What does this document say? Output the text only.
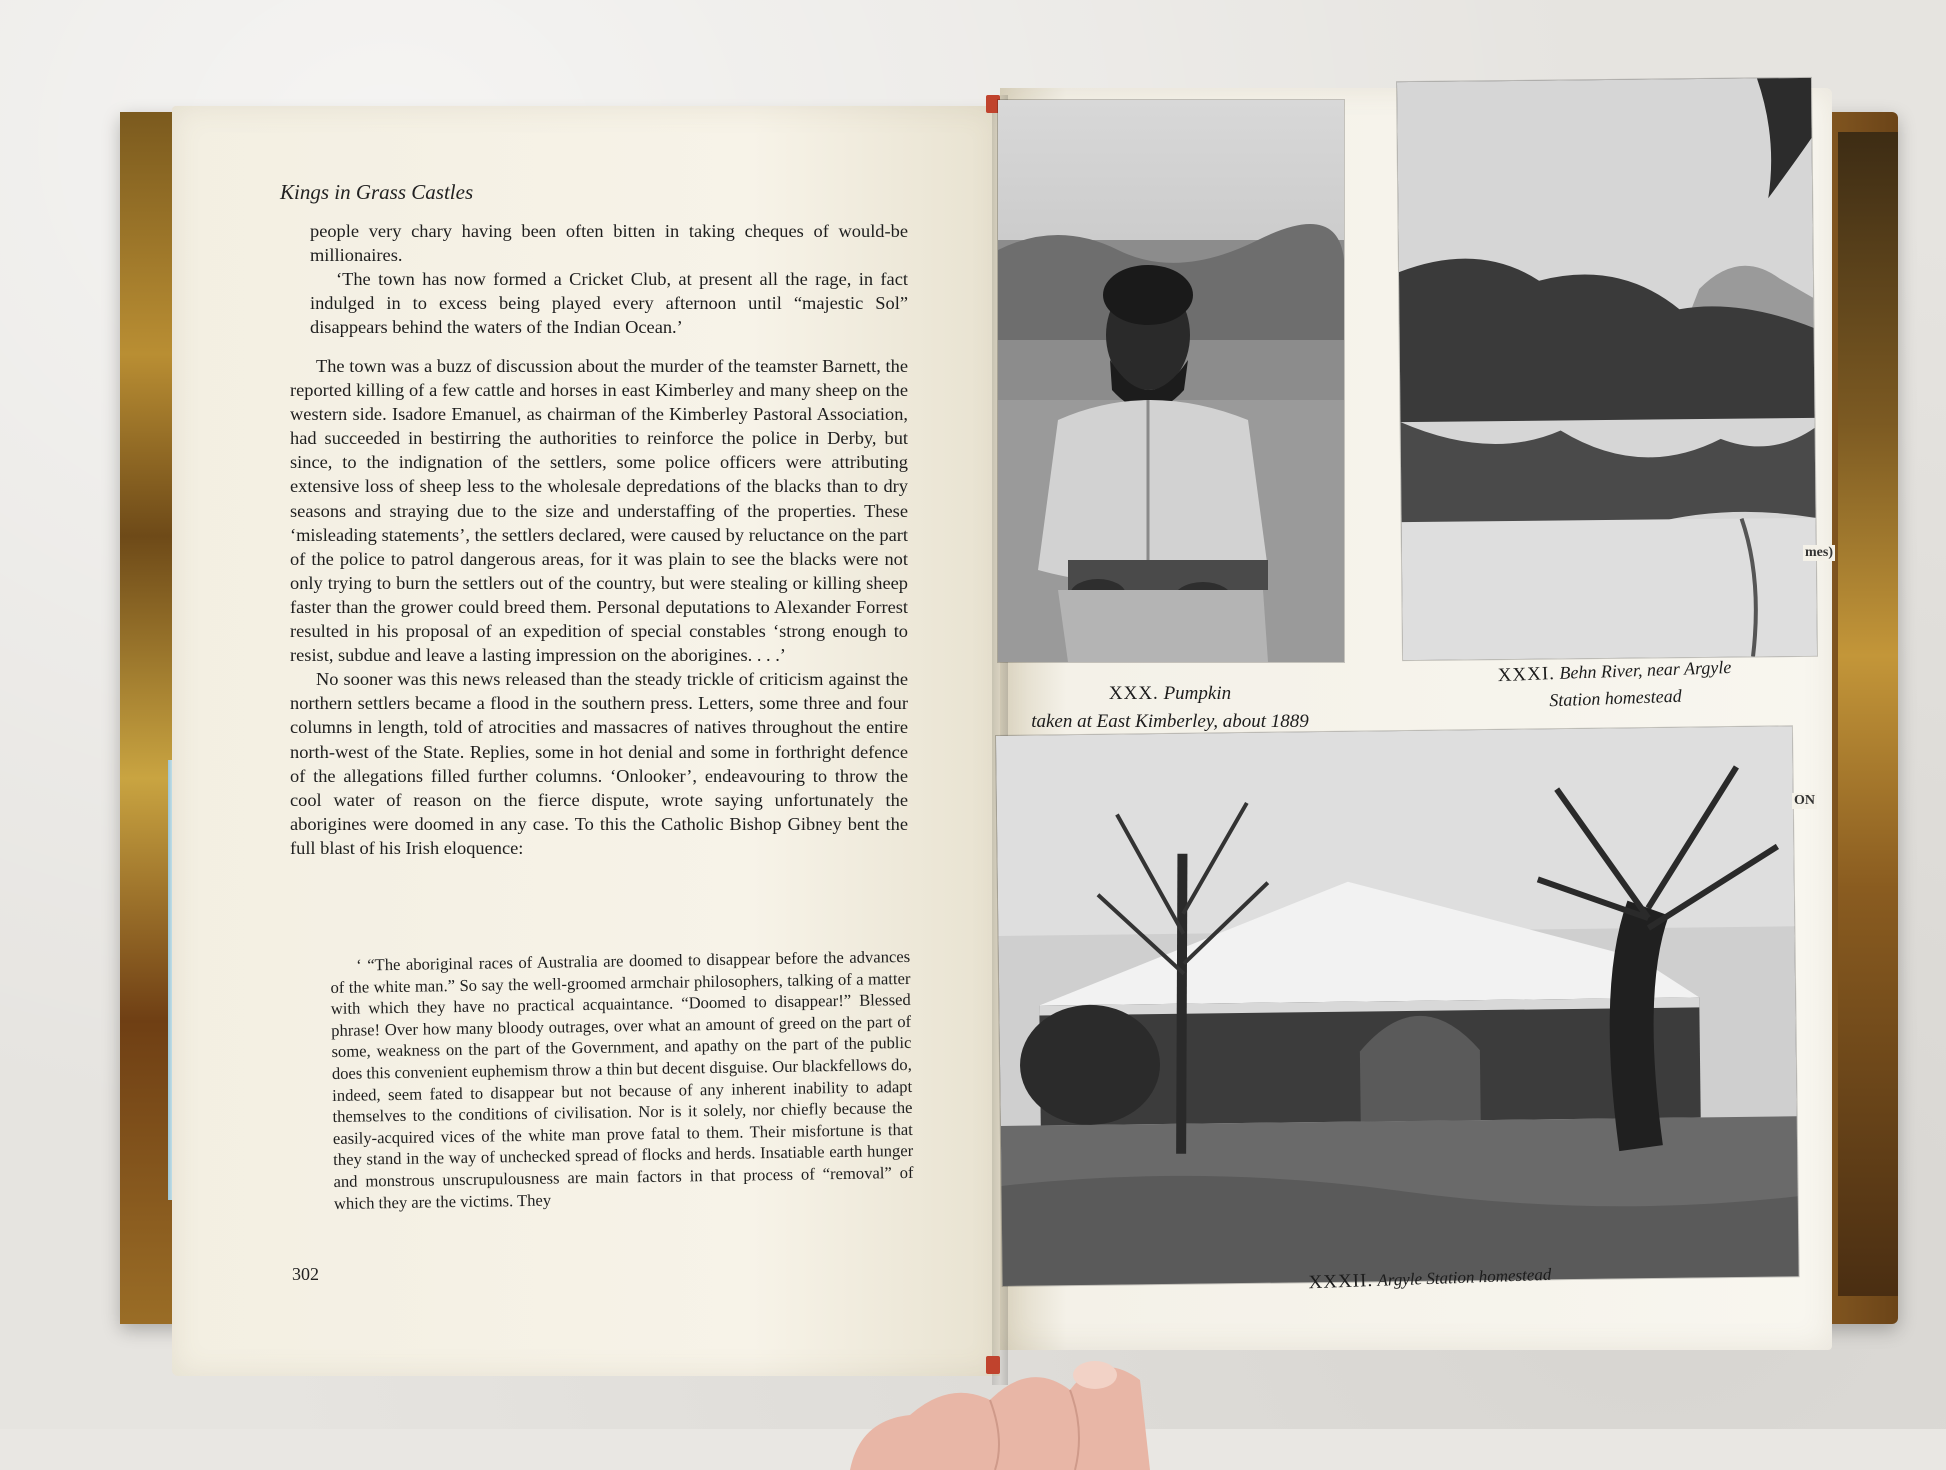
Kings in Grass Castles

people very chary having been often bitten in taking cheques of would-be millionaires.

‘The town has now formed a Cricket Club, at present all the rage, in fact indulged in to excess being played every afternoon until “majestic Sol” disappears behind the waters of the Indian Ocean.’

The town was a buzz of discussion about the murder of the teamster Barnett, the reported killing of a few cattle and horses in east Kimberley and many sheep on the western side. Isadore Emanuel, as chairman of the Kimberley Pastoral Association, had succeeded in bestirring the authorities to reinforce the police in Derby, but since, to the indignation of the settlers, some police officers were attributing extensive loss of sheep less to the wholesale depredations of the blacks than to dry seasons and straying due to the size and understaffing of the properties. These ‘misleading statements’, the settlers declared, were caused by reluctance on the part of the police to patrol dangerous areas, for it was plain to see the blacks were not only trying to burn the settlers out of the country, but were stealing or killing sheep faster than the grower could breed them. Personal deputations to Alexander Forrest resulted in his proposal of an expedition of special constables ‘strong enough to resist, subdue and leave a lasting impression on the aborigines. . . .’

No sooner was this news released than the steady trickle of criticism against the northern settlers became a flood in the southern press. Letters, some three and four columns in length, told of atrocities and massacres of natives throughout the entire north-west of the State. Replies, some in hot denial and some in forthright defence of the allegations filled further columns. ‘Onlooker’, endeavouring to throw the cool water of reason on the fierce dispute, wrote saying unfortunately the aborigines were doomed in any case. To this the Catholic Bishop Gibney bent the full blast of his Irish eloquence:

‘ “The aboriginal races of Australia are doomed to disappear before the advances of the white man.” So say the well-groomed armchair philosophers, talking of a matter with which they have no practical acquaintance. “Doomed to disappear!” Blessed phrase! Over how many bloody outrages, over what an amount of greed on the part of some, weakness on the part of the Government, and apathy on the part of the public does this convenient euphemism throw a thin but decent disguise. Our blackfellows do, indeed, seem fated to disappear but not because of any inherent inability to adapt themselves to the conditions of civilisation. Nor is it solely, nor chiefly because the easily-acquired vices of the white man prove fatal to them. Their misfortune is that they stand in the way of unchecked spread of flocks and herds. Insatiable earth hunger and monstrous unscrupulousness are main factors in that process of “removal” of which they are the victims. They

302
XXX. Pumpkin
taken at East Kimberley, about 1889
XXXI. Behn River, near Argyle
Station homestead
XXXII. Argyle Station homestead
mes)
ON
